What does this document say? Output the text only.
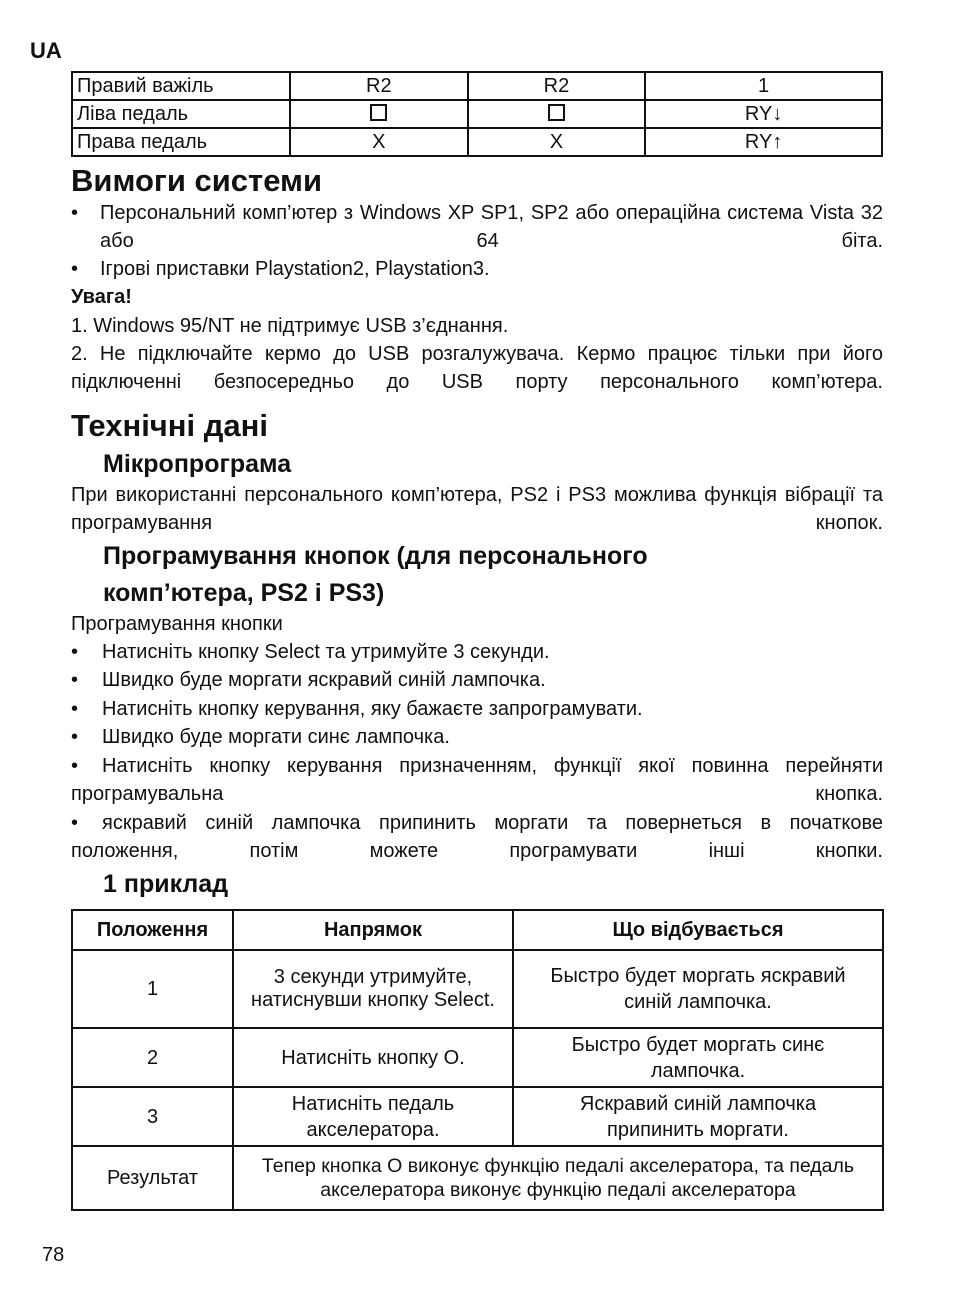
UA
Правий важіль	R2	R2	1
Ліва педаль			RY↓
Права педаль	X	X	RY↑
Вимоги системи
• Персональний комп’ютер з Windows XP SP1, SP2 або операційна система Vista 32 або 64 біта.
• Ігрові приставки Playstation2, Playstation3.
Увага!
1. Windows 95/NT не підтримує USB з’єднання.
2. Не підключайте кермо до USB розгалужувача. Кермо працює тільки при його підключенні безпосередньо до USB порту персонального комп’ютера.
Технічні дані
Мікропрограма
При використанні персонального комп’ютера, PS2 і PS3 можлива функція вібрації та програмування кнопок.
Програмування кнопок (для персонального
комп’ютера, PS2 і PS3)
Програмування кнопки
• Натисніть кнопку Select та утримуйте 3 секунди.
• Швидко буде моргати яскравий синій лампочка.
• Натисніть кнопку керування, яку бажаєте запрограмувати.
• Швидко буде моргати синє лампочка.
• Натисніть кнопку керування призначенням, функції якої повинна перейняти програмувальна кнопка.
• яскравий синій лампочка припинить моргати та повернеться в початкове положення, потім можете програмувати інші кнопки.
1 приклад
Положення	Напрямок	Що відбувається
1	3 секунди утримуйте, натиснувши кнопку Select.	Быстро будет моргать яскравий синій лампочка.
2	Натисніть кнопку О.	Быстро будет моргать синє лампочка.
3	Натисніть педаль акселератора.	Яскравий синій лампочка припинить моргати.
Результат	Тепер кнопка О виконує функцію педалі акселератора, та педаль акселератора виконує функцію педалі акселератора	
78
